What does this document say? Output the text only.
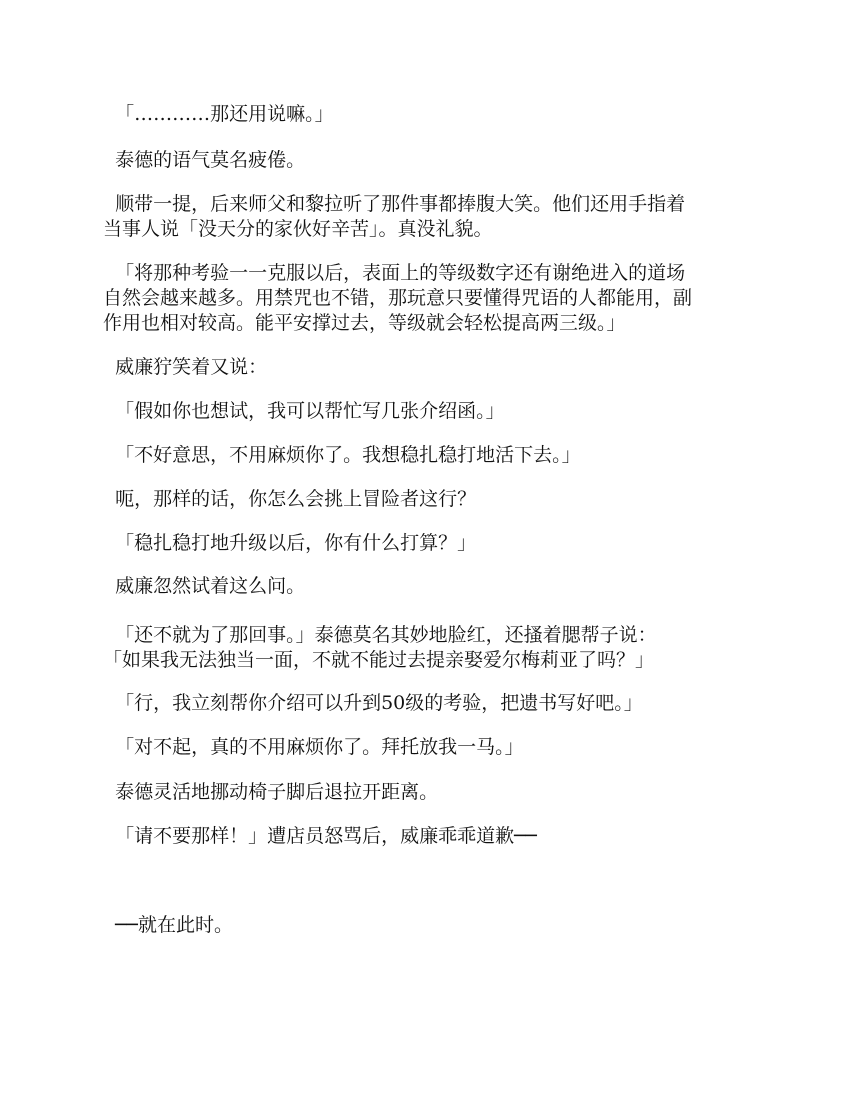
「…………那还用说嘛。」
泰德的语气莫名疲倦。
顺带一提，后来师父和黎拉听了那件事都捧腹大笑。他们还用手指着
当事人说「没天分的家伙好辛苦」。真没礼貌。
「将那种考验一一克服以后，表面上的等级数字还有谢绝进入的道场
自然会越来越多。用禁咒也不错，那玩意只要懂得咒语的人都能用，副
作用也相对较高。能平安撑过去，等级就会轻松提高两三级。」
威廉狞笑着又说：
「假如你也想试，我可以帮忙写几张介绍函。」
「不好意思，不用麻烦你了。我想稳扎稳打地活下去。」
呃，那样的话，你怎么会挑上冒险者这行？
「稳扎稳打地升级以后，你有什么打算？」
威廉忽然试着这么问。
「还不就为了那回事。」泰德莫名其妙地脸红，还搔着腮帮子说：
「如果我无法独当一面，不就不能过去提亲娶爱尔梅莉亚了吗？」
「行，我立刻帮你介绍可以升到50级的考验，把遗书写好吧。」
「对不起，真的不用麻烦你了。拜托放我一马。」
泰德灵活地挪动椅子脚后退拉开距离。
「请不要那样！」遭店员怒骂后，威廉乖乖道歉──
──就在此时。
